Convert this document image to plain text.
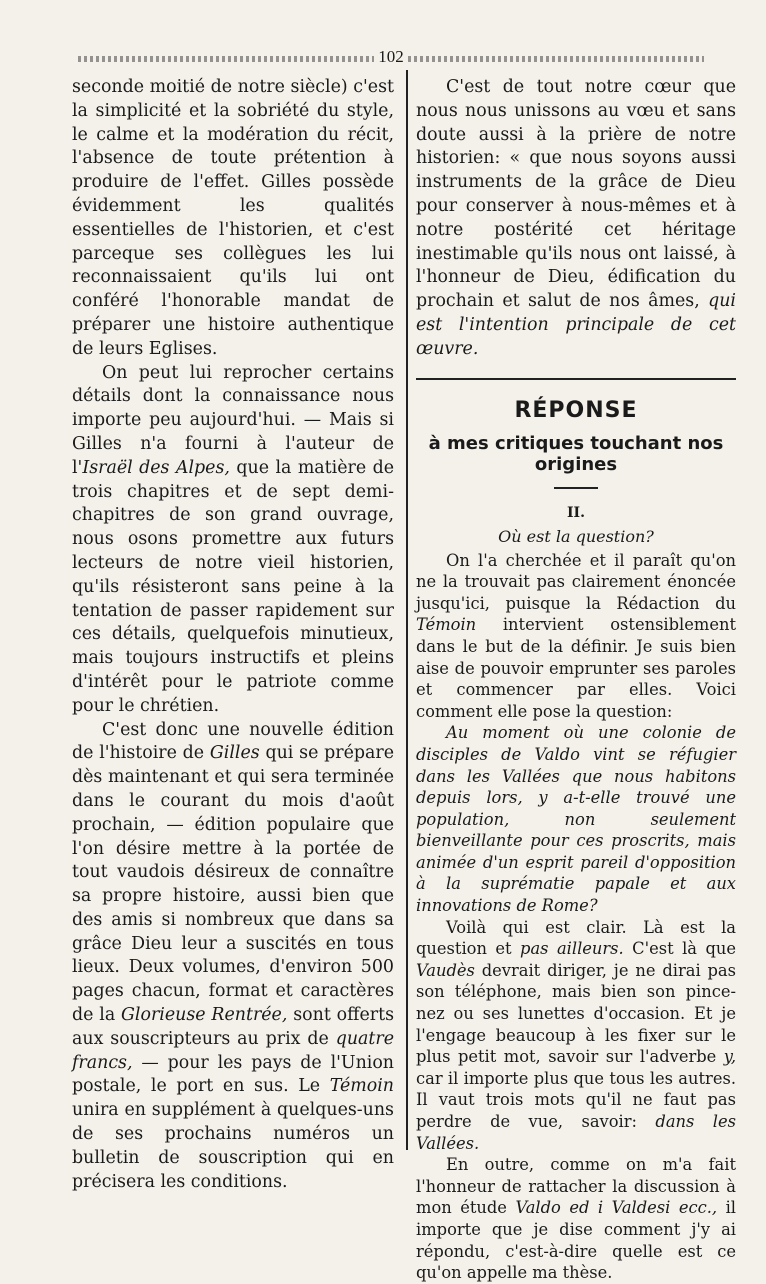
102

seconde moitié de notre siècle) c'est la simplicité et la sobriété du style, le calme et la modération du récit, l'absence de toute prétention à produire de l'effet. Gilles possède évidemment les qualités essentielles de l'historien, et c'est parceque ses collègues les lui reconnaissaient qu'ils lui ont conféré l'honorable mandat de préparer une histoire authentique de leurs Eglises.

On peut lui reprocher certains détails dont la connaissance nous importe peu aujourd'hui. — Mais si Gilles n'a fourni à l'auteur de l'Israël des Alpes, que la matière de trois chapitres et de sept demi-chapitres de son grand ouvrage, nous osons promettre aux futurs lecteurs de notre vieil historien, qu'ils résisteront sans peine à la tentation de passer rapidement sur ces détails, quelquefois minutieux, mais toujours instructifs et pleins d'intérêt pour le patriote comme pour le chrétien.

C'est donc une nouvelle édition de l'histoire de Gilles qui se prépare dès maintenant et qui sera terminée dans le courant du mois d'août prochain, — édition populaire que l'on désire mettre à la portée de tout vaudois désireux de connaître sa propre histoire, aussi bien que des amis si nombreux que dans sa grâce Dieu leur a suscités en tous lieux. Deux volumes, d'environ 500 pages chacun, format et caractères de la Glorieuse Rentrée, sont offerts aux souscripteurs au prix de quatre francs, — pour les pays de l'Union postale, le port en sus. Le Témoin unira en supplément à quelques-uns de ses prochains numéros un bulletin de souscription qui en précisera les conditions.

C'est de tout notre cœur que nous nous unissons au vœu et sans doute aussi à la prière de notre historien: « que nous soyons aussi instruments de la grâce de Dieu pour conserver à nous-mêmes et à notre postérité cet héritage inestimable qu'ils nous ont laissé, à l'honneur de Dieu, édification du prochain et salut de nos âmes, qui est l'intention principale de cet œuvre.

RÉPONSE

à mes critiques touchant nos origines

II.

Où est la question?

On l'a cherchée et il paraît qu'on ne la trouvait pas clairement énoncée jusqu'ici, puisque la Rédaction du Témoin intervient ostensiblement dans le but de la définir. Je suis bien aise de pouvoir emprunter ses paroles et commencer par elles. Voici comment elle pose la question:

Au moment où une colonie de disciples de Valdo vint se réfugier dans les Vallées que nous habitons depuis lors, y a-t-elle trouvé une population, non seulement bienveillante pour ces proscrits, mais animée d'un esprit pareil d'opposition à la suprématie papale et aux innovations de Rome?

Voilà qui est clair. Là est la question et pas ailleurs. C'est là que Vaudès devrait diriger, je ne dirai pas son téléphone, mais bien son pince-nez ou ses lunettes d'occasion. Et je l'engage beaucoup à les fixer sur le plus petit mot, savoir sur l'adverbe y, car il importe plus que tous les autres. Il vaut trois mots qu'il ne faut pas perdre de vue, savoir: dans les Vallées.

En outre, comme on m'a fait l'honneur de rattacher la discussion à mon étude Valdo ed i Valdesi ecc., il importe que je dise comment j'y ai répondu, c'est-à-dire quelle est ce qu'on appelle ma thèse.
